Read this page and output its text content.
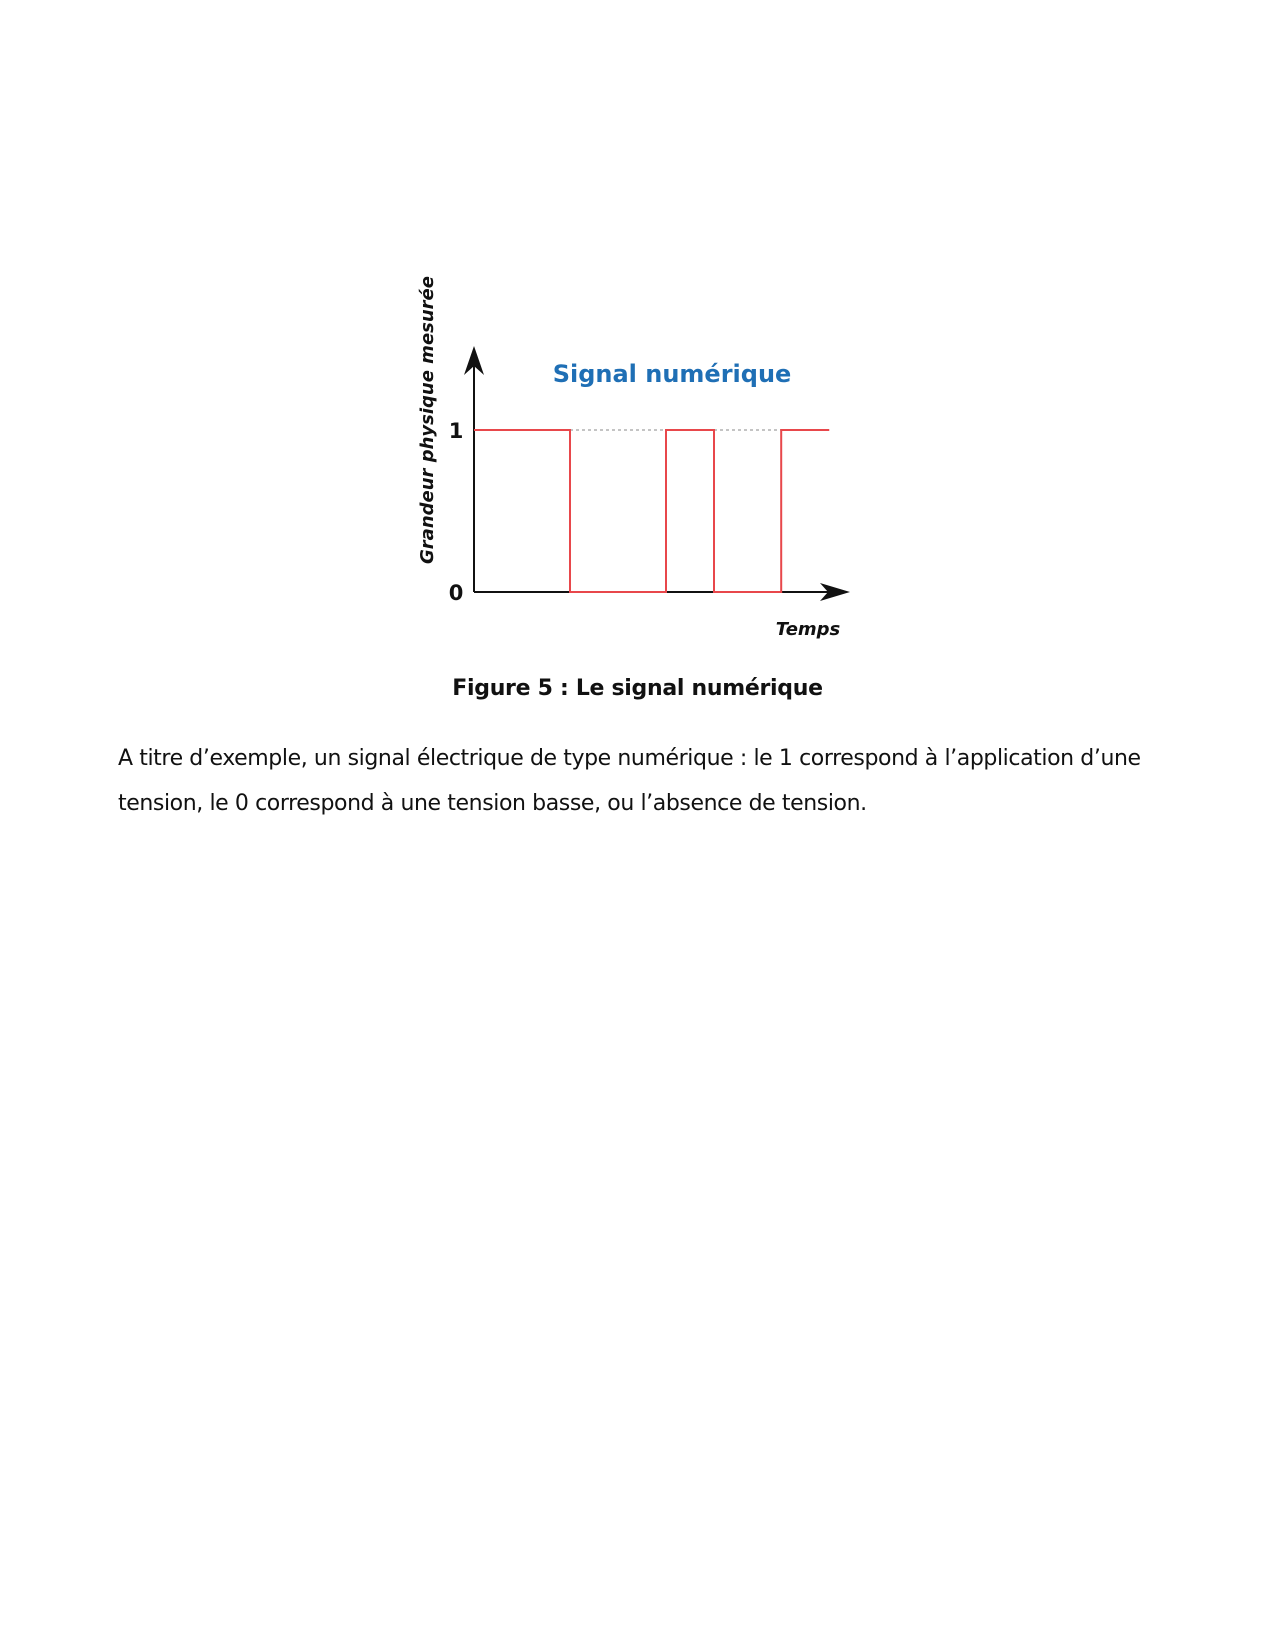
Signal numérique
Grandeur physique mesurée
Temps
1
0
Figure 5 : Le signal numérique

A titre d’exemple, un signal électrique de type numérique : le 1 correspond à l’application d’une tension, le 0 correspond à une tension basse, ou l’absence de tension.
